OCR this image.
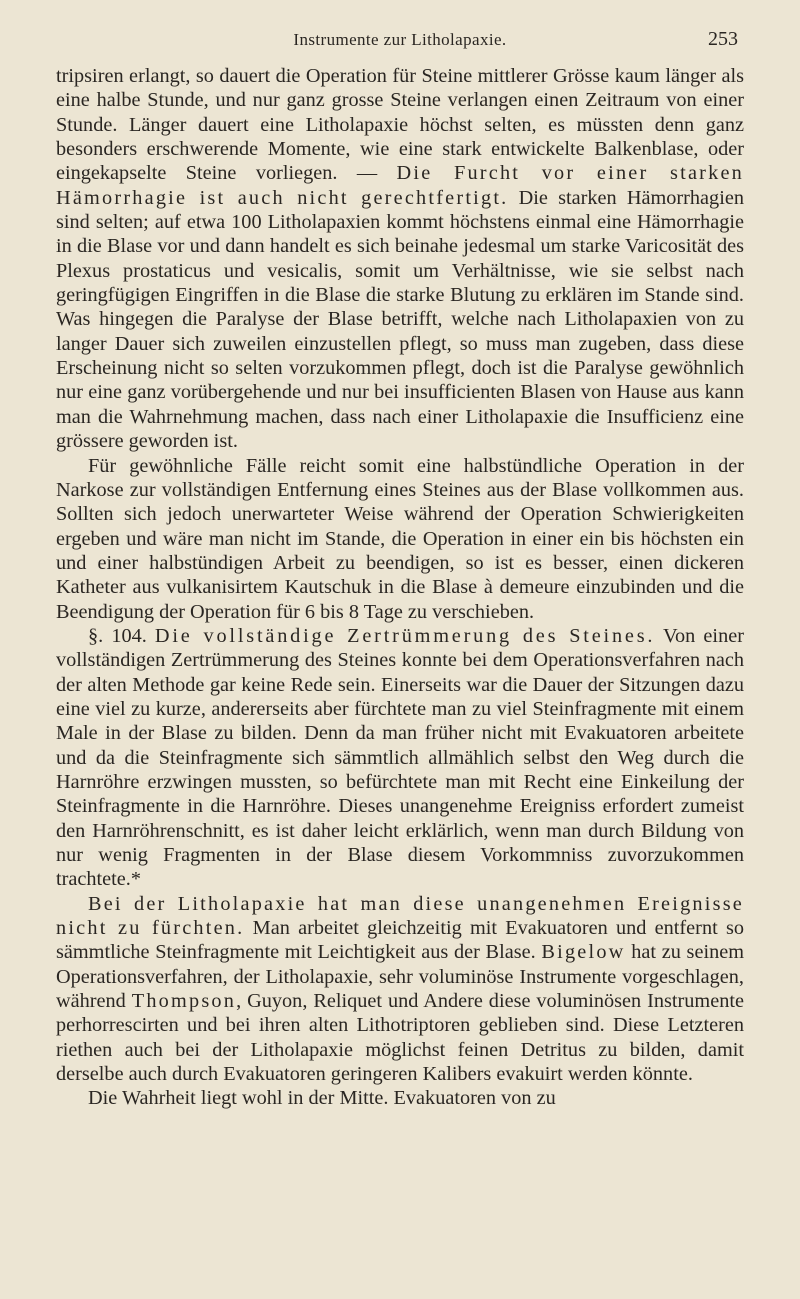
Instrumente zur Litholapaxie.	253

tripsiren erlangt, so dauert die Operation für Steine mittlerer Grösse kaum länger als eine halbe Stunde, und nur ganz grosse Steine verlangen einen Zeitraum von einer Stunde. Länger dauert eine Litholapaxie höchst selten, es müssten denn ganz besonders erschwerende Momente, wie eine stark entwickelte Balkenblase, oder eingekapselte Steine vorliegen. — Die Furcht vor einer starken Hämorrhagie ist auch nicht gerechtfertigt. Die starken Hämorrhagien sind selten; auf etwa 100 Litholapaxien kommt höchstens einmal eine Hämorrhagie in die Blase vor und dann handelt es sich beinahe jedesmal um starke Varicosität des Plexus prostaticus und vesicalis, somit um Verhältnisse, wie sie selbst nach geringfügigen Eingriffen in die Blase die starke Blutung zu erklären im Stande sind. Was hingegen die Paralyse der Blase betrifft, welche nach Litholapaxien von zu langer Dauer sich zuweilen einzustellen pflegt, so muss man zugeben, dass diese Erscheinung nicht so selten vorzukommen pflegt, doch ist die Paralyse gewöhnlich nur eine ganz vorübergehende und nur bei insufficienten Blasen von Hause aus kann man die Wahrnehmung machen, dass nach einer Litholapaxie die Insufficienz eine grössere geworden ist.

Für gewöhnliche Fälle reicht somit eine halbstündliche Operation in der Narkose zur vollständigen Entfernung eines Steines aus der Blase vollkommen aus. Sollten sich jedoch unerwarteter Weise während der Operation Schwierigkeiten ergeben und wäre man nicht im Stande, die Operation in einer ein bis höchsten ein und einer halbstündigen Arbeit zu beendigen, so ist es besser, einen dickeren Katheter aus vulkanisirtem Kautschuk in die Blase à demeure einzubinden und die Beendigung der Operation für 6 bis 8 Tage zu verschieben.

§. 104. Die vollständige Zertrümmerung des Steines. Von einer vollständigen Zertrümmerung des Steines konnte bei dem Operationsverfahren nach der alten Methode gar keine Rede sein. Einerseits war die Dauer der Sitzungen dazu eine viel zu kurze, andererseits aber fürchtete man zu viel Steinfragmente mit einem Male in der Blase zu bilden. Denn da man früher nicht mit Evakuatoren arbeitete und da die Steinfragmente sich sämmtlich allmählich selbst den Weg durch die Harnröhre erzwingen mussten, so befürchtete man mit Recht eine Einkeilung der Steinfragmente in die Harnröhre. Dieses unangenehme Ereigniss erfordert zumeist den Harnröhrenschnitt, es ist daher leicht erklärlich, wenn man durch Bildung von nur wenig Fragmenten in der Blase diesem Vorkommniss zuvorzukommen trachtete.*

Bei der Litholapaxie hat man diese unangenehmen Ereignisse nicht zu fürchten. Man arbeitet gleichzeitig mit Evakuatoren und entfernt so sämmtliche Steinfragmente mit Leichtigkeit aus der Blase. Bigelow hat zu seinem Operationsverfahren, der Litholapaxie, sehr voluminöse Instrumente vorgeschlagen, während Thompson, Guyon, Reliquet und Andere diese voluminösen Instrumente perhorrescirten und bei ihren alten Lithotriptoren geblieben sind. Diese Letzteren riethen auch bei der Litholapaxie möglichst feinen Detritus zu bilden, damit derselbe auch durch Evakuatoren geringeren Kalibers evakuirt werden könnte.

Die Wahrheit liegt wohl in der Mitte. Evakuatoren von zu
